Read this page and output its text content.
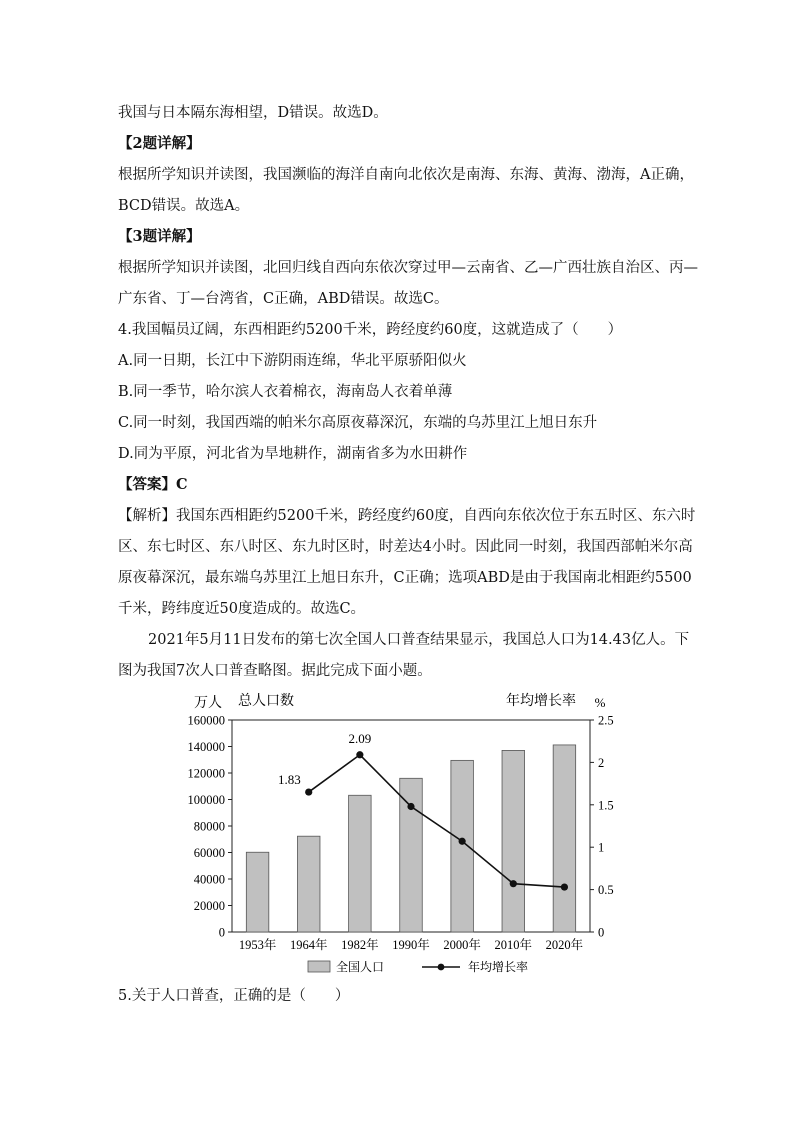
我国与日本隔东海相望，D错误。故选D。
【2题详解】
根据所学知识并读图，我国濒临的海洋自南向北依次是南海、东海、黄海、渤海，A正确，
BCD错误。故选A。
【3题详解】
根据所学知识并读图，北回归线自西向东依次穿过甲—云南省、乙—广西壮族自治区、丙—
广东省、丁—台湾省，C正确，ABD错误。故选C。
4.我国幅员辽阔，东西相距约5200千米，跨经度约60度，这就造成了（　　）
A.同一日期，长江中下游阴雨连绵，华北平原骄阳似火
B.同一季节，哈尔滨人衣着棉衣，海南岛人衣着单薄
C.同一时刻，我国西端的帕米尔高原夜幕深沉，东端的乌苏里江上旭日东升
D.同为平原，河北省为旱地耕作，湖南省多为水田耕作
【答案】C
【解析】我国东西相距约5200千米，跨经度约60度，自西向东依次位于东五时区、东六时
区、东七时区、东八时区、东九时区时，时差达4小时。因此同一时刻，我国西部帕米尔高
原夜幕深沉，最东端乌苏里江上旭日东升，C正确；选项ABD是由于我国南北相距约5500
千米，跨纬度近50度造成的。故选C。
2021年5月11日发布的第七次全国人口普查结果显示，我国总人口为14.43亿人。下
图为我国7次人口普查略图。据此完成下面小题。
万人 总人口数	年均增长率 %
0
20000
40000
60000
80000
100000
120000
140000
160000
0
0.5
1
1.5
2
2.5
1953年 1964年 1982年 1990年 2000年 2010年 2020年
1.83
2.09
全国人口	年均增长率
5.关于人口普查，正确的是（　　）
